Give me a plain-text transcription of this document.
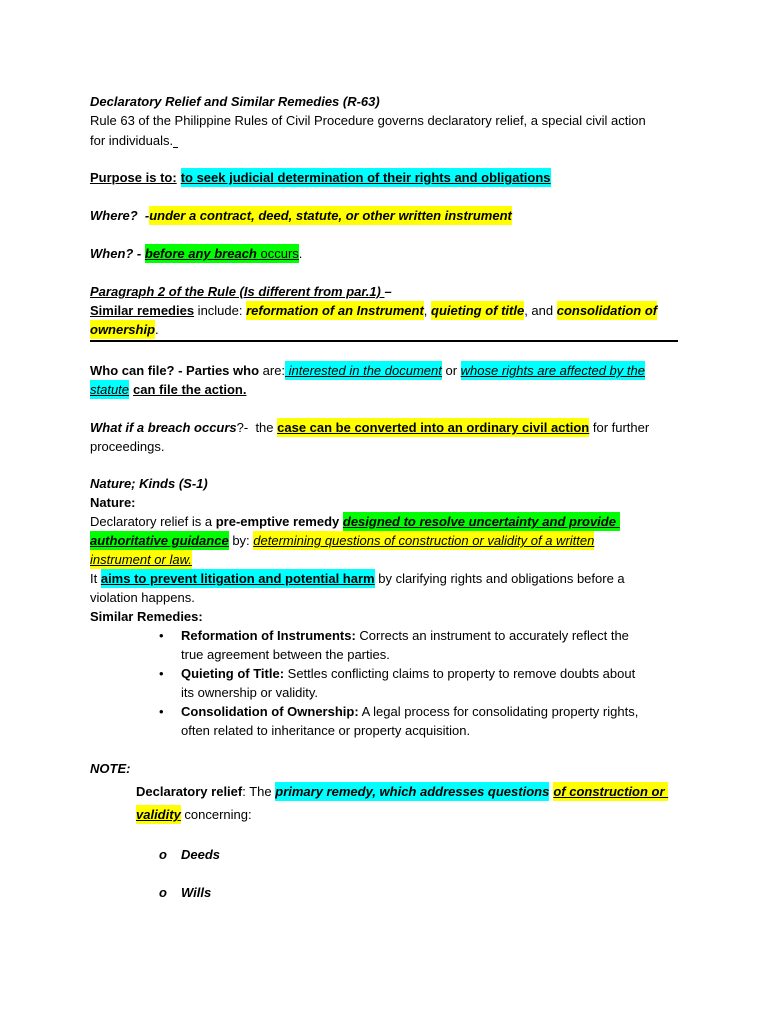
Declaratory Relief and Similar Remedies (R-63)
Rule 63 of the Philippine Rules of Civil Procedure governs declaratory relief, a special civil action
for individuals.
Purpose is to: to seek judicial determination of their rights and obligations
Where?  -under a contract, deed, statute, or other written instrument
When? - before any breach occurs.
Paragraph 2 of the Rule (Is different from par.1) –
Similar remedies include: reformation of an Instrument, quieting of title, and consolidation of
ownership.
Who can file? - Parties who are: interested in the document or whose rights are affected by the
statute can file the action.
What if a breach occurs?-  the case can be converted into an ordinary civil action for further
proceedings.
Nature; Kinds (S-1)
Nature:
Declaratory relief is a pre-emptive remedy designed to resolve uncertainty and provide
authoritative guidance by: determining questions of construction or validity of a written
instrument or law.
It aims to prevent litigation and potential harm by clarifying rights and obligations before a
violation happens.
Similar Remedies:
• Reformation of Instruments: Corrects an instrument to accurately reflect the
true agreement between the parties.
• Quieting of Title: Settles conflicting claims to property to remove doubts about
its ownership or validity.
• Consolidation of Ownership: A legal process for consolidating property rights,
often related to inheritance or property acquisition.
NOTE:
Declaratory relief: The primary remedy, which addresses questions of construction or
validity concerning:
o Deeds
o Wills
